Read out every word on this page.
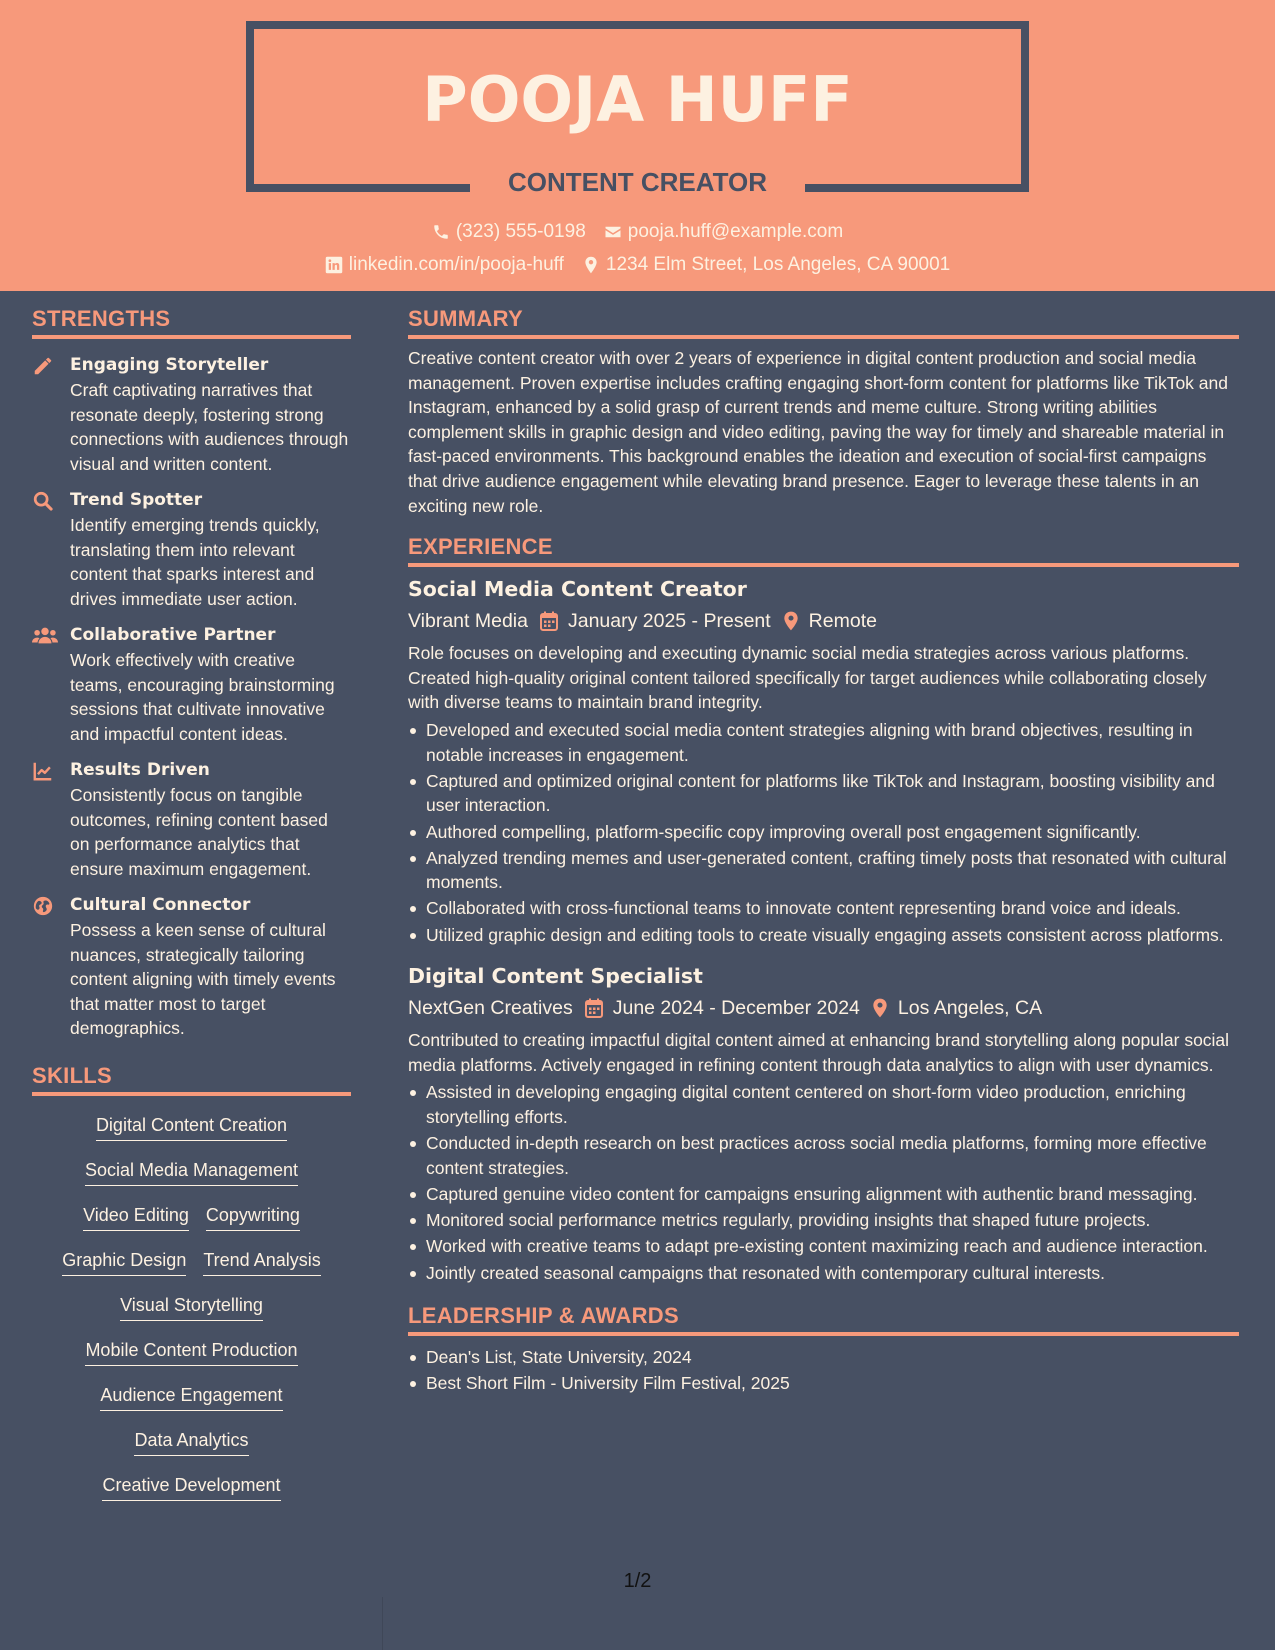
POOJA HUFF
CONTENT CREATOR
(323) 555-0198 pooja.huff@example.com
linkedin.com/in/pooja-huff 1234 Elm Street, Los Angeles, CA 90001
STRENGTHS
Engaging Storyteller
Craft captivating narratives that resonate deeply, fostering strong connections with audiences through visual and written content.
Trend Spotter
Identify emerging trends quickly, translating them into relevant content that sparks interest and drives immediate user action.
Collaborative Partner
Work effectively with creative teams, encouraging brainstorming sessions that cultivate innovative and impactful content ideas.
Results Driven
Consistently focus on tangible outcomes, refining content based on performance analytics that ensure maximum engagement.
Cultural Connector
Possess a keen sense of cultural nuances, strategically tailoring content aligning with timely events that matter most to target demographics.
SKILLS
Digital Content Creation
Social Media Management
Video Editing Copywriting
Graphic Design Trend Analysis
Visual Storytelling
Mobile Content Production
Audience Engagement
Data Analytics
Creative Development
SUMMARY
Creative content creator with over 2 years of experience in digital content production and social media management. Proven expertise includes crafting engaging short-form content for platforms like TikTok and Instagram, enhanced by a solid grasp of current trends and meme culture. Strong writing abilities complement skills in graphic design and video editing, paving the way for timely and shareable material in fast-paced environments. This background enables the ideation and execution of social-first campaigns that drive audience engagement while elevating brand presence. Eager to leverage these talents in an exciting new role.
EXPERIENCE
Social Media Content Creator
Vibrant Media January 2025 - Present Remote
Role focuses on developing and executing dynamic social media strategies across various platforms. Created high-quality original content tailored specifically for target audiences while collaborating closely with diverse teams to maintain brand integrity.
Developed and executed social media content strategies aligning with brand objectives, resulting in notable increases in engagement.
Captured and optimized original content for platforms like TikTok and Instagram, boosting visibility and user interaction.
Authored compelling, platform-specific copy improving overall post engagement significantly.
Analyzed trending memes and user-generated content, crafting timely posts that resonated with cultural moments.
Collaborated with cross-functional teams to innovate content representing brand voice and ideals.
Utilized graphic design and editing tools to create visually engaging assets consistent across platforms.
Digital Content Specialist
NextGen Creatives June 2024 - December 2024 Los Angeles, CA
Contributed to creating impactful digital content aimed at enhancing brand storytelling along popular social media platforms. Actively engaged in refining content through data analytics to align with user dynamics.
Assisted in developing engaging digital content centered on short-form video production, enriching storytelling efforts.
Conducted in-depth research on best practices across social media platforms, forming more effective content strategies.
Captured genuine video content for campaigns ensuring alignment with authentic brand messaging.
Monitored social performance metrics regularly, providing insights that shaped future projects.
Worked with creative teams to adapt pre-existing content maximizing reach and audience interaction.
Jointly created seasonal campaigns that resonated with contemporary cultural interests.
LEADERSHIP & AWARDS
Dean's List, State University, 2024
Best Short Film - University Film Festival, 2025
1/2
